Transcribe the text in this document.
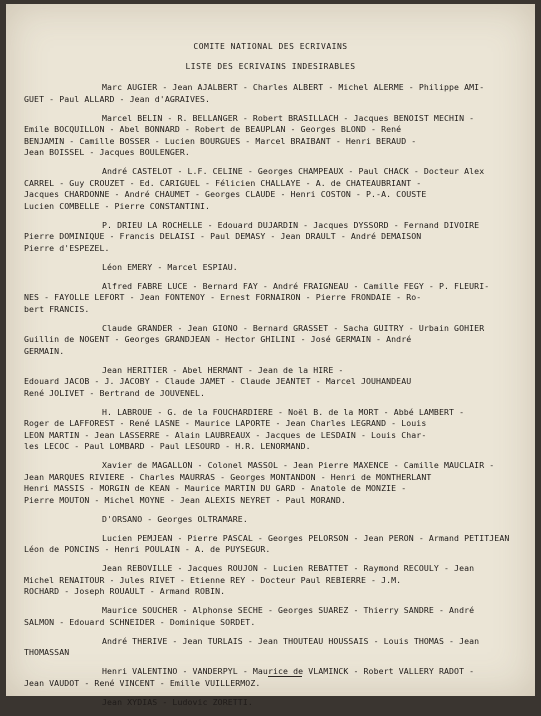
COMITE NATIONAL DES ECRIVAINS
LISTE DES ECRIVAINS INDESIRABLES
Marc AUGIER - Jean AJALBERT - Charles ALBERT - Michel ALERME - Philippe AMI-
GUET - Paul ALLARD - Jean d'AGRAIVES.
Marcel BELIN - R. BELLANGER - Robert BRASILLACH - Jacques BENOIST MECHIN -
Emile BOCQUILLON - Abel BONNARD - Robert de BEAUPLAN - Georges BLOND - René
BENJAMIN - Camille BOSSER - Lucien BOURGUES - Marcel BRAIBANT - Henri BERAUD -
Jean BOISSEL - Jacques BOULENGER.
André CASTELOT - L.F. CELINE - Georges CHAMPEAUX - Paul CHACK - Docteur Alex
CARREL - Guy CROUZET - Ed. CARIGUEL - Félicien CHALLAYE - A. de CHATEAUBRIANT -
Jacques CHARDONNE - André CHAUMET - Georges CLAUDE - Henri COSTON - P.-A. COUSTE
Lucien COMBELLE - Pierre CONSTANTINI.
P. DRIEU LA ROCHELLE - Edouard DUJARDIN - Jacques DYSSORD - Fernand DIVOIRE
Pierre DOMINIQUE - Francis DELAISI - Paul DEMASY - Jean DRAULT - André DEMAISON
Pierre d'ESPEZEL.
Léon EMERY - Marcel ESPIAU.
Alfred FABRE LUCE - Bernard FAY - André FRAIGNEAU - Camille FEGY - P. FLEURI-
NES - FAYOLLE LEFORT - Jean FONTENOY - Ernest FORNAIRON - Pierre FRONDAIE - Ro-
bert FRANCIS.
Claude GRANDER - Jean GIONO - Bernard GRASSET - Sacha GUITRY - Urbain GOHIER
Guillin de NOGENT - Georges GRANDJEAN - Hector GHILINI - José GERMAIN - André
GERMAIN.
Jean HERITIER - Abel HERMANT - Jean de la HIRE -
Edouard JACOB - J. JACOBY - Claude JAMET - Claude JEANTET - Marcel JOUHANDEAU
René JOLIVET - Bertrand de JOUVENEL.
H. LABROUE - G. de la FOUCHARDIERE - Noël B. de la MORT - Abbé LAMBERT -
Roger de LAFFOREST - René LASNE - Maurice LAPORTE - Jean Charles LEGRAND - Louis
LEON MARTIN - Jean LASSERRE - Alain LAUBREAUX - Jacques de LESDAIN - Louis Char-
les LECOC - Paul LOMBARD - Paul LESOURD - H.R. LENORMAND.
Xavier de MAGALLON - Colonel MASSOL - Jean Pierre MAXENCE - Camille MAUCLAIR -
Jean MARQUES RIVIERE - Charles MAURRAS - Georges MONTANDON - Henri de MONTHERLANT
Henri MASSIS - MORGIN de KEAN - Maurice MARTIN DU GARD - Anatole de MONZIE -
Pierre MOUTON - Michel MOYNE - Jean ALEXIS NEYRET - Paul MORAND.
D'ORSANO - Georges OLTRAMARE.
Lucien PEMJEAN - Pierre PASCAL - Georges PELORSON - Jean PERON - Armand PETITJEAN
Léon de PONCINS - Henri POULAIN - A. de PUYSEGUR.
Jean REBOVILLE - Jacques ROUJON - Lucien REBATTET - Raymond RECOULY - Jean
Michel RENAITOUR - Jules RIVET - Etienne REY - Docteur Paul REBIERRE - J.M.
ROCHARD - Joseph ROUAULT - Armand ROBIN.
Maurice SOUCHER - Alphonse SECHE - Georges SUAREZ - Thierry SANDRE - André
SALMON - Edouard SCHNEIDER - Dominique SORDET.
André THERIVE - Jean TURLAIS - Jean THOUTEAU HOUSSAIS - Louis THOMAS - Jean
THOMASSAN
Henri VALENTINO - VANDERPYL - Maurice de VLAMINCK - Robert VALLERY RADOT -
Jean VAUDOT - René VINCENT - Emille VUILLERMOZ.
Jean XYDIAS - Ludovic ZORETTI.
